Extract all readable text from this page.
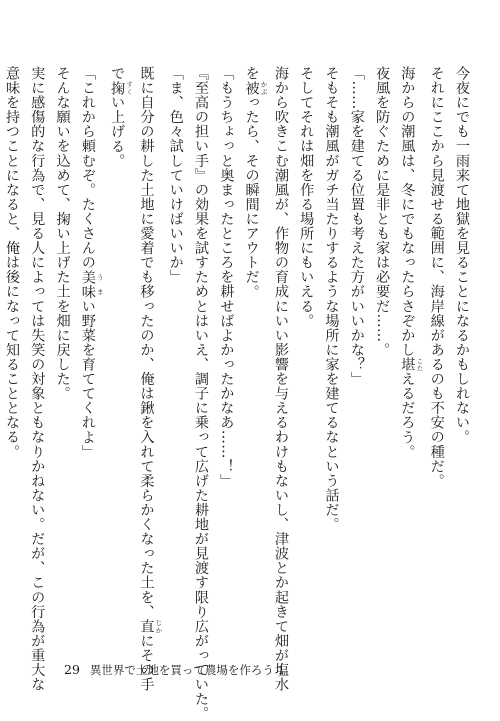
今夜にでも一雨来て地獄を見ることになるかもしれない。
それにここから見渡せる範囲に、海岸線があるのも不安の種だ。
海からの潮風は、冬にでもなったらさぞかし堪 こたえるだろう。
夜風を防ぐために是非とも家は必要だ……。
「……家を建てる位置も考えた方がいいかな？」
そもそも潮風がガチ当たりするような場所に家を建てるなという話だ。
そしてそれは畑を作る場所にもいえる。
海から吹きこむ潮風が、作物の育成にいい影響を与えるわけもないし、津波とか起きて畑が塩水
を被 かぶったら、その瞬間にアウトだ。
「もうちょっと奥まったところを耕せばよかったかなあ……！」
『至高の担い手』の効果を試すためとはいえ、調子に乗って広げた耕地が見渡す限り広がっていた。
「ま、色々試していけばいいか」
既に自分の耕した土地に愛着でも移ったのか、俺は鍬を入れて柔らかくなった土を、直 じかにその手
で掬 すくい上げる。
「これから頼むぞ。たくさんの美味 うまい野菜を育ててくれよ」
そんな願いを込めて、掬い上げた土を畑に戻した。
実に感傷的な行為で、見る人によっては失笑の対象ともなりかねない。だが、この行為が重大な
意味を持つことになると、俺は後になって知ることとなる。
29 異世界で土地を買って農場を作ろう 1
